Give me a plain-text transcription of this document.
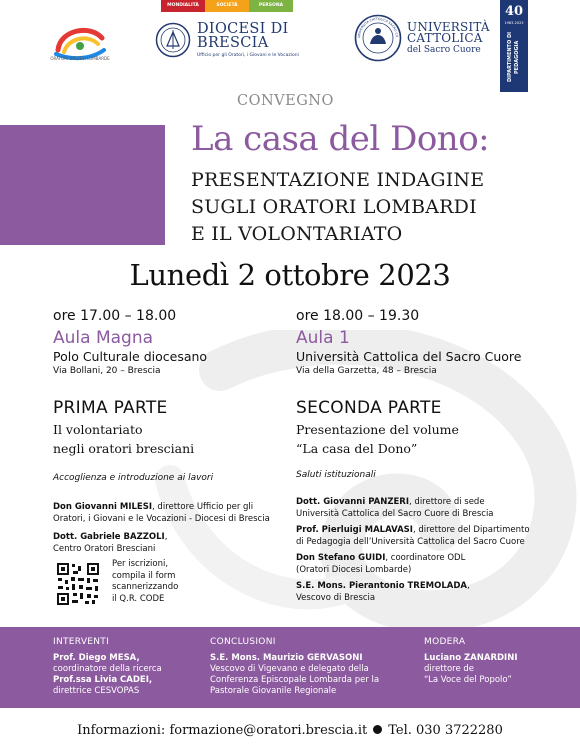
ORATORI DIOCESI LOMBARDE
MONDIALITÀ	SOCIETÀ	PERSONA
DIOCESI DI
BRESCIA
Ufficio per gli Oratori, i Giovani e le Vocazioni
UNIVERSITÀ CATTOLICA SACRO CU
UNIVERSITÀ
CATTOLICA
del Sacro Cuore
40
1983-2023
DIPARTIMENTO DI PEDAGOGIA
CONVEGNO
La casa del Dono:
PRESENTAZIONE INDAGINE
SUGLI ORATORI LOMBARDI
E IL VOLONTARIATO
Lunedì 2 ottobre 2023

ore 17.00 – 18.00

Aula Magna

Polo Culturale diocesano

Via Bollani, 20 – Brescia

PRIMA PARTE

Il volontariato

negli oratori bresciani

Accoglienza e introduzione ai lavori

Don Giovanni MILESI, direttore Ufficio per gli
Oratori, i Giovani e le Vocazioni - Diocesi di Brescia
Dott. Gabriele BAZZOLI,
Centro Oratori Bresciani

ore 18.00 – 19.30

Aula 1

Università Cattolica del Sacro Cuore

Via della Garzetta, 48 – Brescia

SECONDA PARTE

Presentazione del volume

“La casa del Dono”

Saluti istituzionali

Dott. Giovanni PANZERI, direttore di sede
Università Cattolica del Sacro Cuore di Brescia
Prof. Pierluigi MALAVASI, direttore del Dipartimento
di Pedagogia dell’Università Cattolica del Sacro Cuore
Don Stefano GUIDI, coordinatore ODL
(Oratori Diocesi Lombarde)
S.E. Mons. Pierantonio TREMOLADA,
Vescovo di Brescia
Per iscrizioni,
compila il form
scannerizzando
il Q.R. CODE

INTERVENTI

Prof. Diego MESA,

coordinatore della ricerca

Prof.ssa Livia CADEI,

direttrice CESVOPAS

CONCLUSIONI

S.E. Mons. Maurizio GERVASONI

Vescovo di Vigevano e delegato della

Conferenza Episcopale Lombarda per la

Pastorale Giovanile Regionale

MODERA

Luciano ZANARDINI

direttore de

“La Voce del Popolo”

Informazioni: formazione@oratori.brescia.it Tel. 030 3722280
